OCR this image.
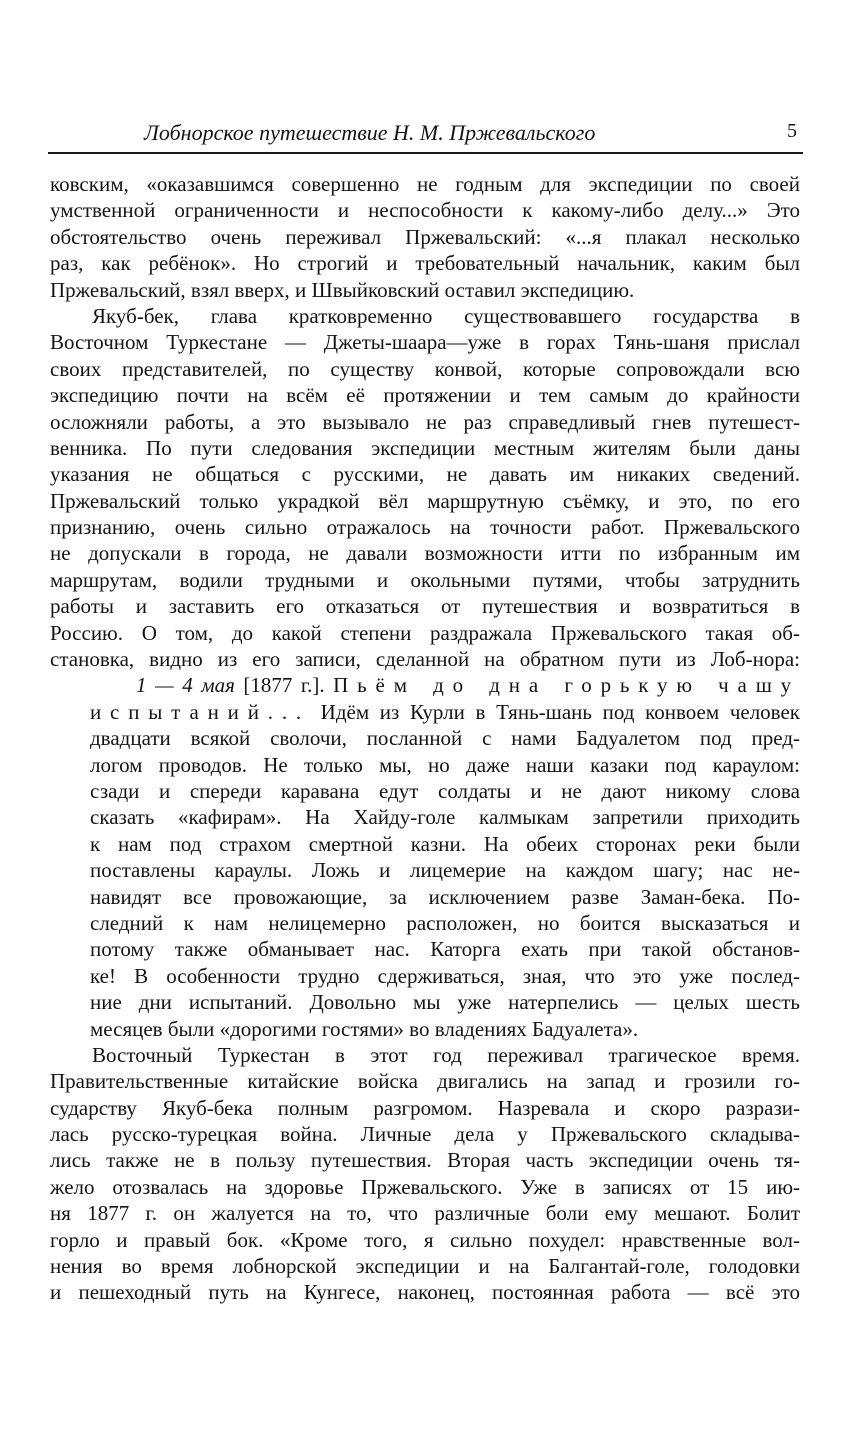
Лобнорское путешествие Н. М. Пржевальского	5
ковским, «оказавшимся совершенно не годным для экспедиции по своей
умственной ограниченности и неспособности к какому-либо делу...» Это
обстоятельство очень переживал Пржевальский: «...я плакал несколько
раз, как ребёнок». Но строгий и требовательный начальник, каким был
Пржевальский, взял вверх, и Швыйковский оставил экспедицию.
Якуб-бек, глава кратковременно существовавшего государства в
Восточном Туркестане — Джеты-шаара—уже в горах Тянь-шаня прислал
своих представителей, по существу конвой, которые сопровождали всю
экспедицию почти на всём её протяжении и тем самым до крайности
осложняли работы, а это вызывало не раз справедливый гнев путешест-
венника. По пути следования экспедиции местным жителям были даны
указания не общаться с русскими, не давать им никаких сведений.
Пржевальский только украдкой вёл маршрутную съёмку, и это, по его
признанию, очень сильно отражалось на точности работ. Пржевальского
не допускали в города, не давали возможности итти по избранным им
маршрутам, водили трудными и окольными путями, чтобы затруднить
работы и заставить его отказаться от путешествия и возвратиться в
Россию. О том, до какой степени раздражала Пржевальского такая об-
становка, видно из его записи, сделанной на обратном пути из Лоб-нора:
1 — 4 мая [1877 г.]. Пьём до дна горькую чашу
испытаний... Идём из Курли в Тянь-шань под конвоем человек
двадцати всякой сволочи, посланной с нами Бадуалетом под пред-
логом проводов. Не только мы, но даже наши казаки под караулом:
сзади и спереди каравана едут солдаты и не дают никому слова
сказать «кафирам». На Хайду-голе калмыкам запретили приходить
к нам под страхом смертной казни. На обеих сторонах реки были
поставлены караулы. Ложь и лицемерие на каждом шагу; нас не-
навидят все провожающие, за исключением разве Заман-бека. По-
следний к нам нелицемерно расположен, но боится высказаться и
потому также обманывает нас. Каторга ехать при такой обстанов-
ке! В особенности трудно сдерживаться, зная, что это уже послед-
ние дни испытаний. Довольно мы уже натерпелись — целых шесть
месяцев были «дорогими гостями» во владениях Бадуалета».
Восточный Туркестан в этот год переживал трагическое время.
Правительственные китайские войска двигались на запад и грозили го-
сударству Якуб-бека полным разгромом. Назревала и скоро разрази-
лась русско-турецкая война. Личные дела у Пржевальского складыва-
лись также не в пользу путешествия. Вторая часть экспедиции очень тя-
жело отозвалась на здоровье Пржевальского. Уже в записях от 15 ию-
ня 1877 г. он жалуется на то, что различные боли ему мешают. Болит
горло и правый бок. «Кроме того, я сильно похудел: нравственные вол-
нения во время лобнорской экспедиции и на Балгантай-голе, голодовки
и пешеходный путь на Кунгесе, наконец, постоянная работа — всё это
